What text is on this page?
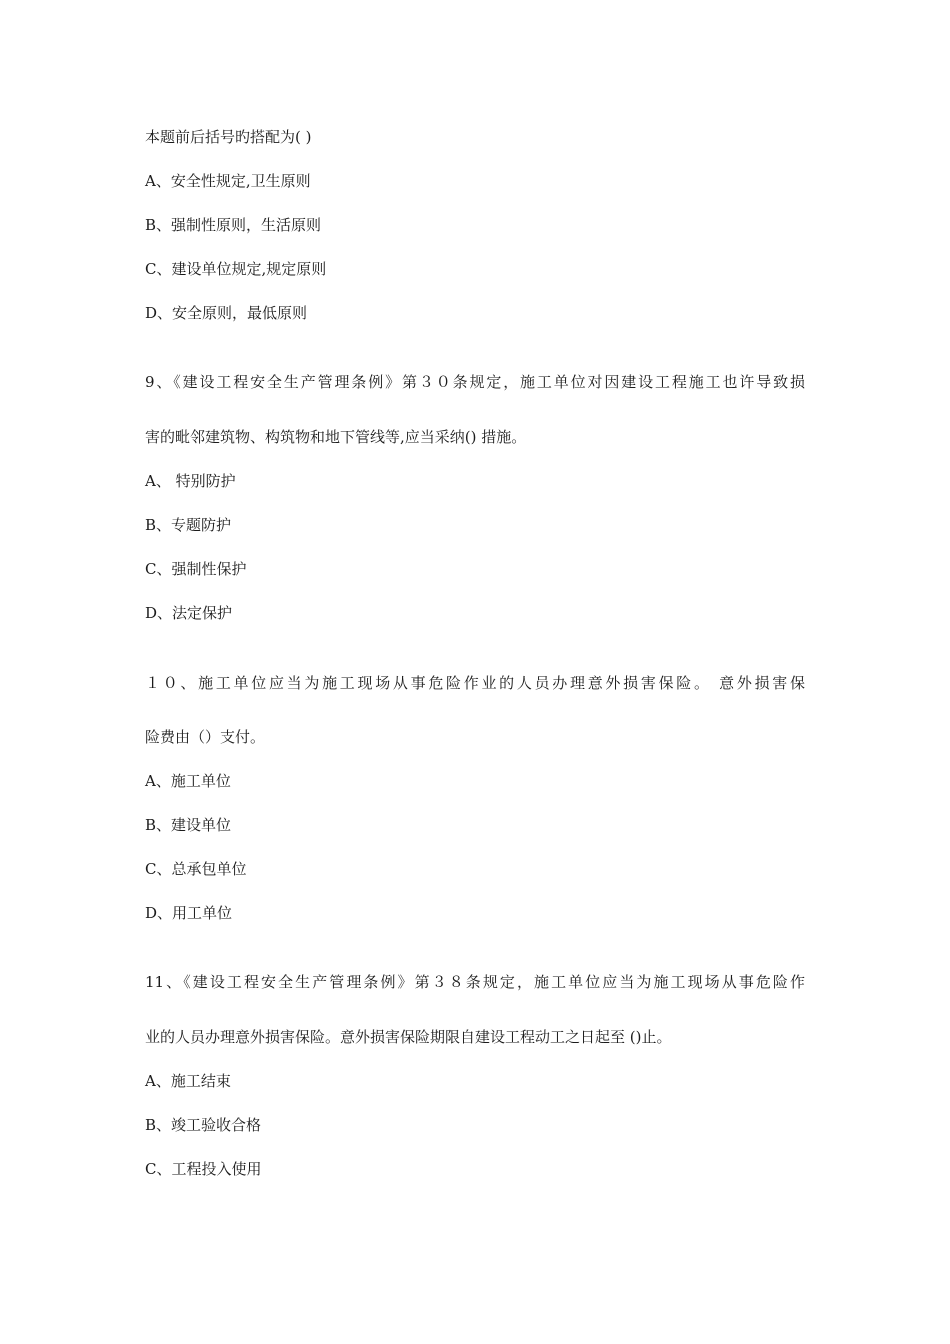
本题前后括号旳搭配为( )

A、安全性规定,卫生原则

B、强制性原则，生活原则

C、建设单位规定,规定原则

D、安全原则，最低原则

9、《建设工程安全生产管理条例》第３０条规定，施工单位对因建设工程施工也许导致损

害的毗邻建筑物、构筑物和地下管线等,应当采纳() 措施。

A、 特别防护

B、专题防护

C、强制性保护

D、法定保护

１０、施工单位应当为施工现场从事危险作业的人员办理意外损害保险。 意外损害保

险费由（）支付。

A、施工单位

B、建设单位

C、总承包单位

D、用工单位

11、《建设工程安全生产管理条例》第３８条规定，施工单位应当为施工现场从事危险作

业的人员办理意外损害保险。意外损害保险期限自建设工程动工之日起至 ()止。

A、施工结束

B、竣工验收合格

C、工程投入使用
